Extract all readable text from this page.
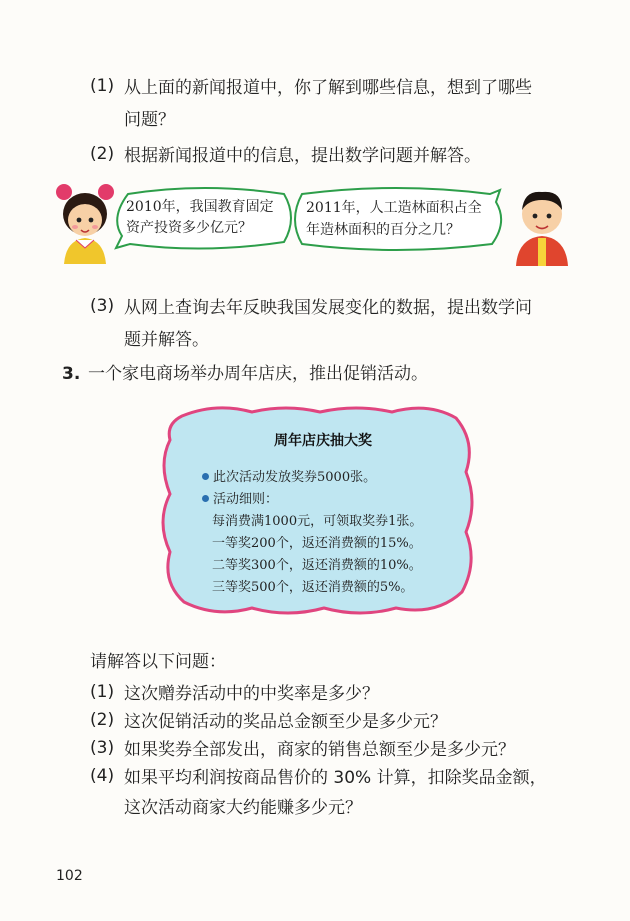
(1) 从上面的新闻报道中，你了解到哪些信息，想到了哪些
问题？
(2) 根据新闻报道中的信息，提出数学问题并解答。
2010年，我国教育固定
资产投资多少亿元？
2011年，人工造林面积占全
年造林面积的百分之几？
(3) 从网上查询去年反映我国发展变化的数据，提出数学问
题并解答。
3. 一个家电商场举办周年店庆，推出促销活动。
周年店庆抽大奖
此次活动发放奖券5000张。
活动细则：
每消费满1000元，可领取奖券1张。
一等奖200个，返还消费额的15%。
二等奖300个，返还消费额的10%。
三等奖500个，返还消费额的5%。
请解答以下问题：
(1) 这次赠券活动中的中奖率是多少？
(2) 这次促销活动的奖品总金额至少是多少元？
(3) 如果奖券全部发出，商家的销售总额至少是多少元？
(4) 如果平均利润按商品售价的 30% 计算，扣除奖品金额，
这次活动商家大约能赚多少元？
102
